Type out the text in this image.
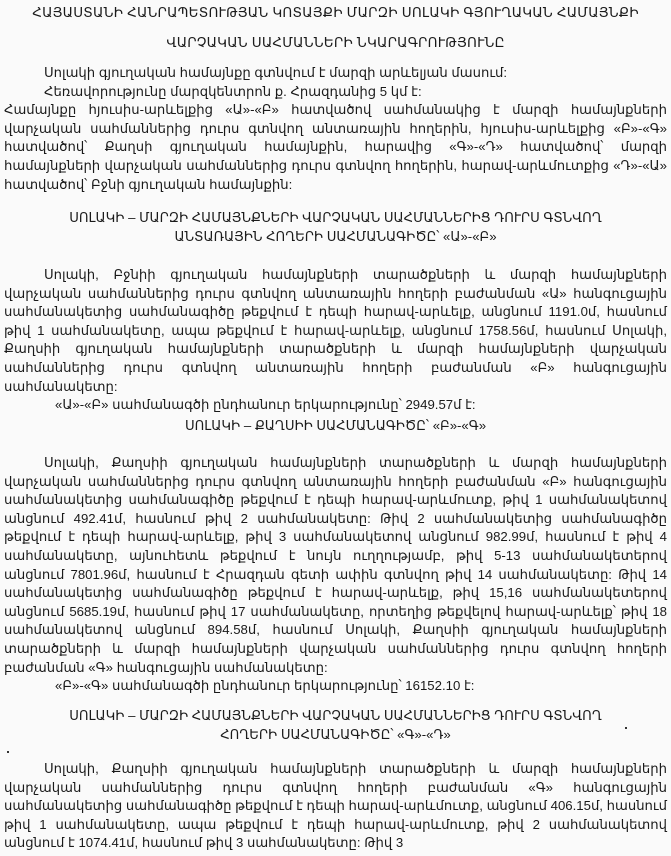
ՀԱՅԱՍՏԱՆԻ ՀԱՆՐԱՊԵՏՈՒԹՅԱՆ ԿՈՏԱՅՔԻ ՄԱՐԶԻ ՍՈԼԱԿԻ ԳՅՈՒՂԱԿԱՆ ՀԱՄԱՅՆՔԻ
ՎԱՐՉԱԿԱՆ ՍԱՀՄԱՆՆԵՐԻ ՆԿԱՐԱԳՐՈՒԹՅՈՒՆԸ
Սոլակի գյուղական համայնքը գտնվում է մարզի արևելյան մասում:
Հեռավորությունը մարզկենտրոն ք. Հրազդանից 5 կմ է:
Համայնքը հյուսիս-արևելքից «Ա»-«Բ» հատվածով սահմանակից է մարզի համայնքների վարչական սահմաններից դուրս գտնվող անտառային հողերին, հյուսիս-արևելքից «Բ»-«Գ» հատվածով՝ Քաղսի գյուղական համայնքին, հարավից «Գ»-«Դ» հատվածով՝ մարզի համայնքների վարչական սահմաններից դուրս գտնվող հողերին, հարավ-արևմուտքից «Դ»-«Ա» հատվածով՝ Բջնի գյուղական համայնքին:
ՍՈԼԱԿԻ – ՄԱՐԶԻ ՀԱՄԱՅՆՔՆԵՐԻ ՎԱՐՉԱԿԱՆ ՍԱՀՄԱՆՆԵՐԻՑ ԴՈՒՐՍ ԳՏՆՎՈՂ ԱՆՏԱՌԱՅԻՆ ՀՈՂԵՐԻ ՍԱՀՄԱՆԱԳԻԾԸ՝ «Ա»-«Բ»
Սոլակի, Բջնիի գյուղական համայնքների տարածքների և մարզի համայնքների վարչական սահմաններից դուրս գտնվող անտառային հողերի բաժանման «Ա» հանգուցային սահմանակետից սահմանագիծը թեքվում է դեպի հարավ-արևելք, անցնում 1191.0մ, հասնում թիվ 1 սահմանակետը, ապա թեքվում է հարավ-արևելք, անցնում 1758.56մ, հասնում Սոլակի, Քաղսիի գյուղական համայնքների տարածքների և մարզի համայնքների վարչական սահմաններից դուրս գտնվող անտառային հողերի բաժանման «Բ» հանգուցային սահմանակետը:
«Ա»-«Բ» սահմանագծի ընդհանուր երկարությունը՝ 2949.57մ է:
ՍՈԼԱԿԻ – ՔԱՂՍԻԻ ՍԱՀՄԱՆԱԳԻԾԸ՝ «Բ»-«Գ»
Սոլակի, Քաղսիի գյուղական համայնքների տարածքների և մարզի համայնքների վարչական սահմաններից դուրս գտնվող անտառային հողերի բաժանման «Բ» հանգուցային սահմանակետից սահմանագիծը թեքվում է դեպի հարավ-արևմուտք, թիվ 1 սահմանակետով անցնում 492.41մ, հասնում թիվ 2 սահմանակետը: Թիվ 2 սահմանակետից սահմանագիծը թեքվում է դեպի հարավ-արևելք, թիվ 3 սահմանակետով անցնում 982.99մ, հասնում է թիվ 4 սահմանակետը, այնուհետև թեքվում է նույն ուղղությամբ, թիվ 5-13 սահմանակետերով անցնում 7801.96մ, հասնում է Հրազդան գետի ափին գտնվող թիվ 14 սահմանակետը: Թիվ 14 սահմանակետից սահմանագիծը թեքվում է հարավ-արևելք, թիվ 15,16 սահմանակետերով անցնում 5685.19մ, հասնում թիվ 17 սահմանակետը, որտեղից թեքվելով հարավ-արևելք՝ թիվ 18 սահմանակետով անցնում 894.58մ, հասնում Սոլակի, Քաղսիի գյուղական համայնքների տարածքների և մարզի համայնքների վարչական սահմաններից դուրս գտնվող հողերի բաժանման «Գ» հանգուցային սահմանակետը:
«Բ»-«Գ» սահմանագծի ընդհանուր երկարությունը՝ 16152.10 է:
ՍՈԼԱԿԻ – ՄԱՐԶԻ ՀԱՄԱՅՆՔՆԵՐԻ ՎԱՐՉԱԿԱՆ ՍԱՀՄԱՆՆԵՐԻՑ ԴՈՒՐՍ ԳՏՆՎՈՂ ՀՈՂԵՐԻ ՍԱՀՄԱՆԱԳԻԾԸ՝ «Գ»-«Դ»
Սոլակի, Քաղսիի գյուղական համայնքների տարածքների և մարզի համայնքների վարչական սահմաններից դուրս գտնվող հողերի բաժանման «Գ» հանգուցային սահմանակետից սահմանագիծը թեքվում է դեպի հարավ-արևմուտք, անցնում 406.15մ, հասնում թիվ 1 սահմանակետը, ապա թեքվում է դեպի հարավ-արևմուտք, թիվ 2 սահմանակետով անցնում է 1074.41մ, հասնում թիվ 3 սահմանակետը: Թիվ 3
